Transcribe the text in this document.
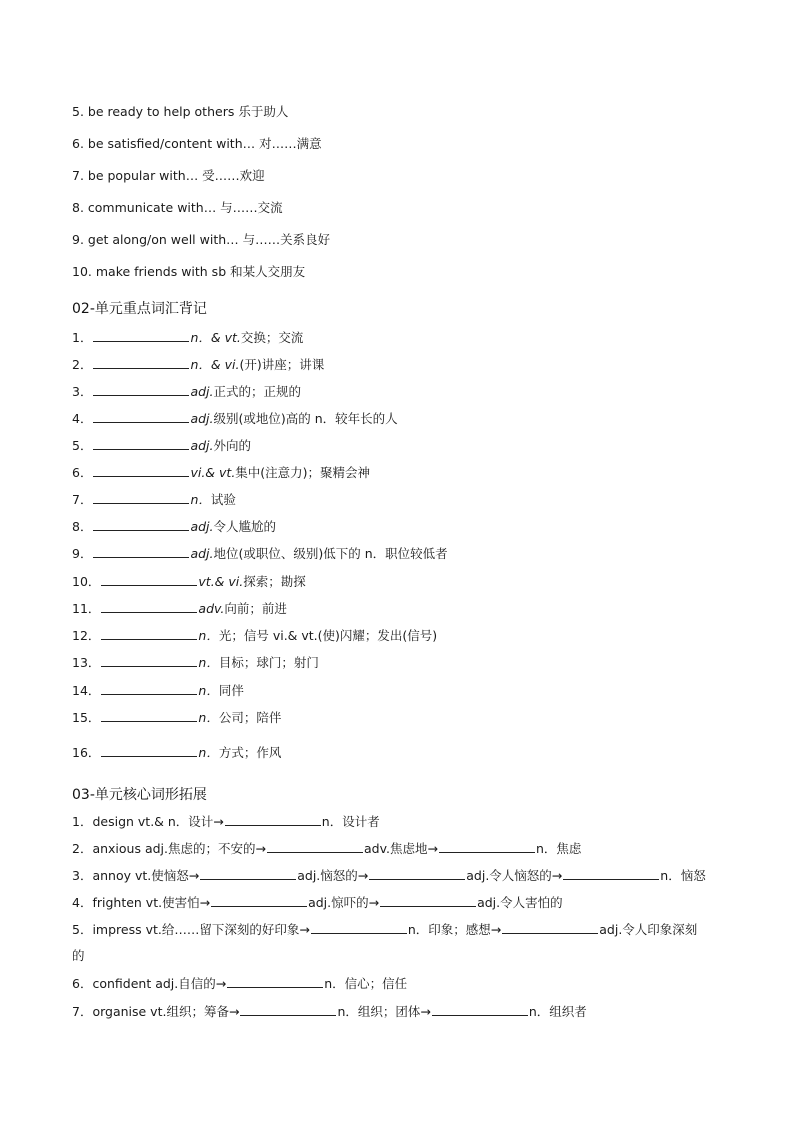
5. be ready to help others 乐于助人
6. be satisfied/content with… 对……满意
7. be popular with… 受……欢迎
8. communicate with… 与……交流
9. get along/on well with… 与……关系良好
10. make friends with sb 和某人交朋友
02-单元重点词汇背记
1．	n．& vt.交换；交流
2．	n．& vi.(开)讲座；讲课
3．	adj.正式的；正规的
4．	adj.级别(或地位)高的 n．较年长的人
5．	adj.外向的
6．	vi.& vt.集中(注意力)；聚精会神
7．	n．试验
8．	adj.令人尴尬的
9．	adj.地位(或职位、级别)低下的 n．职位较低者
10．	vt.& vi.探索；勘探
11．	adv.向前；前进
12．	n．光；信号 vi.& vt.(使)闪耀；发出(信号)
13．	n．目标；球门；射门
14．	n．同伴
15．	n．公司；陪伴
16．	n．方式；作风
03-单元核心词形拓展
1．design vt.& n．设计→	n．设计者
2．anxious adj.焦虑的；不安的→	adv.焦虑地→	n．焦虑
3．annoy vt.使恼怒→	adj.恼怒的→	adj.令人恼怒的→	n．恼怒
4．frighten vt.使害怕→	adj.惊吓的→	adj.令人害怕的
5．impress vt.给……留下深刻的好印象→	n．印象；感想→	adj.令人印象深刻
的
6．confident adj.自信的→	n．信心；信任
7．organise vt.组织；筹备→	n．组织；团体→	n．组织者
